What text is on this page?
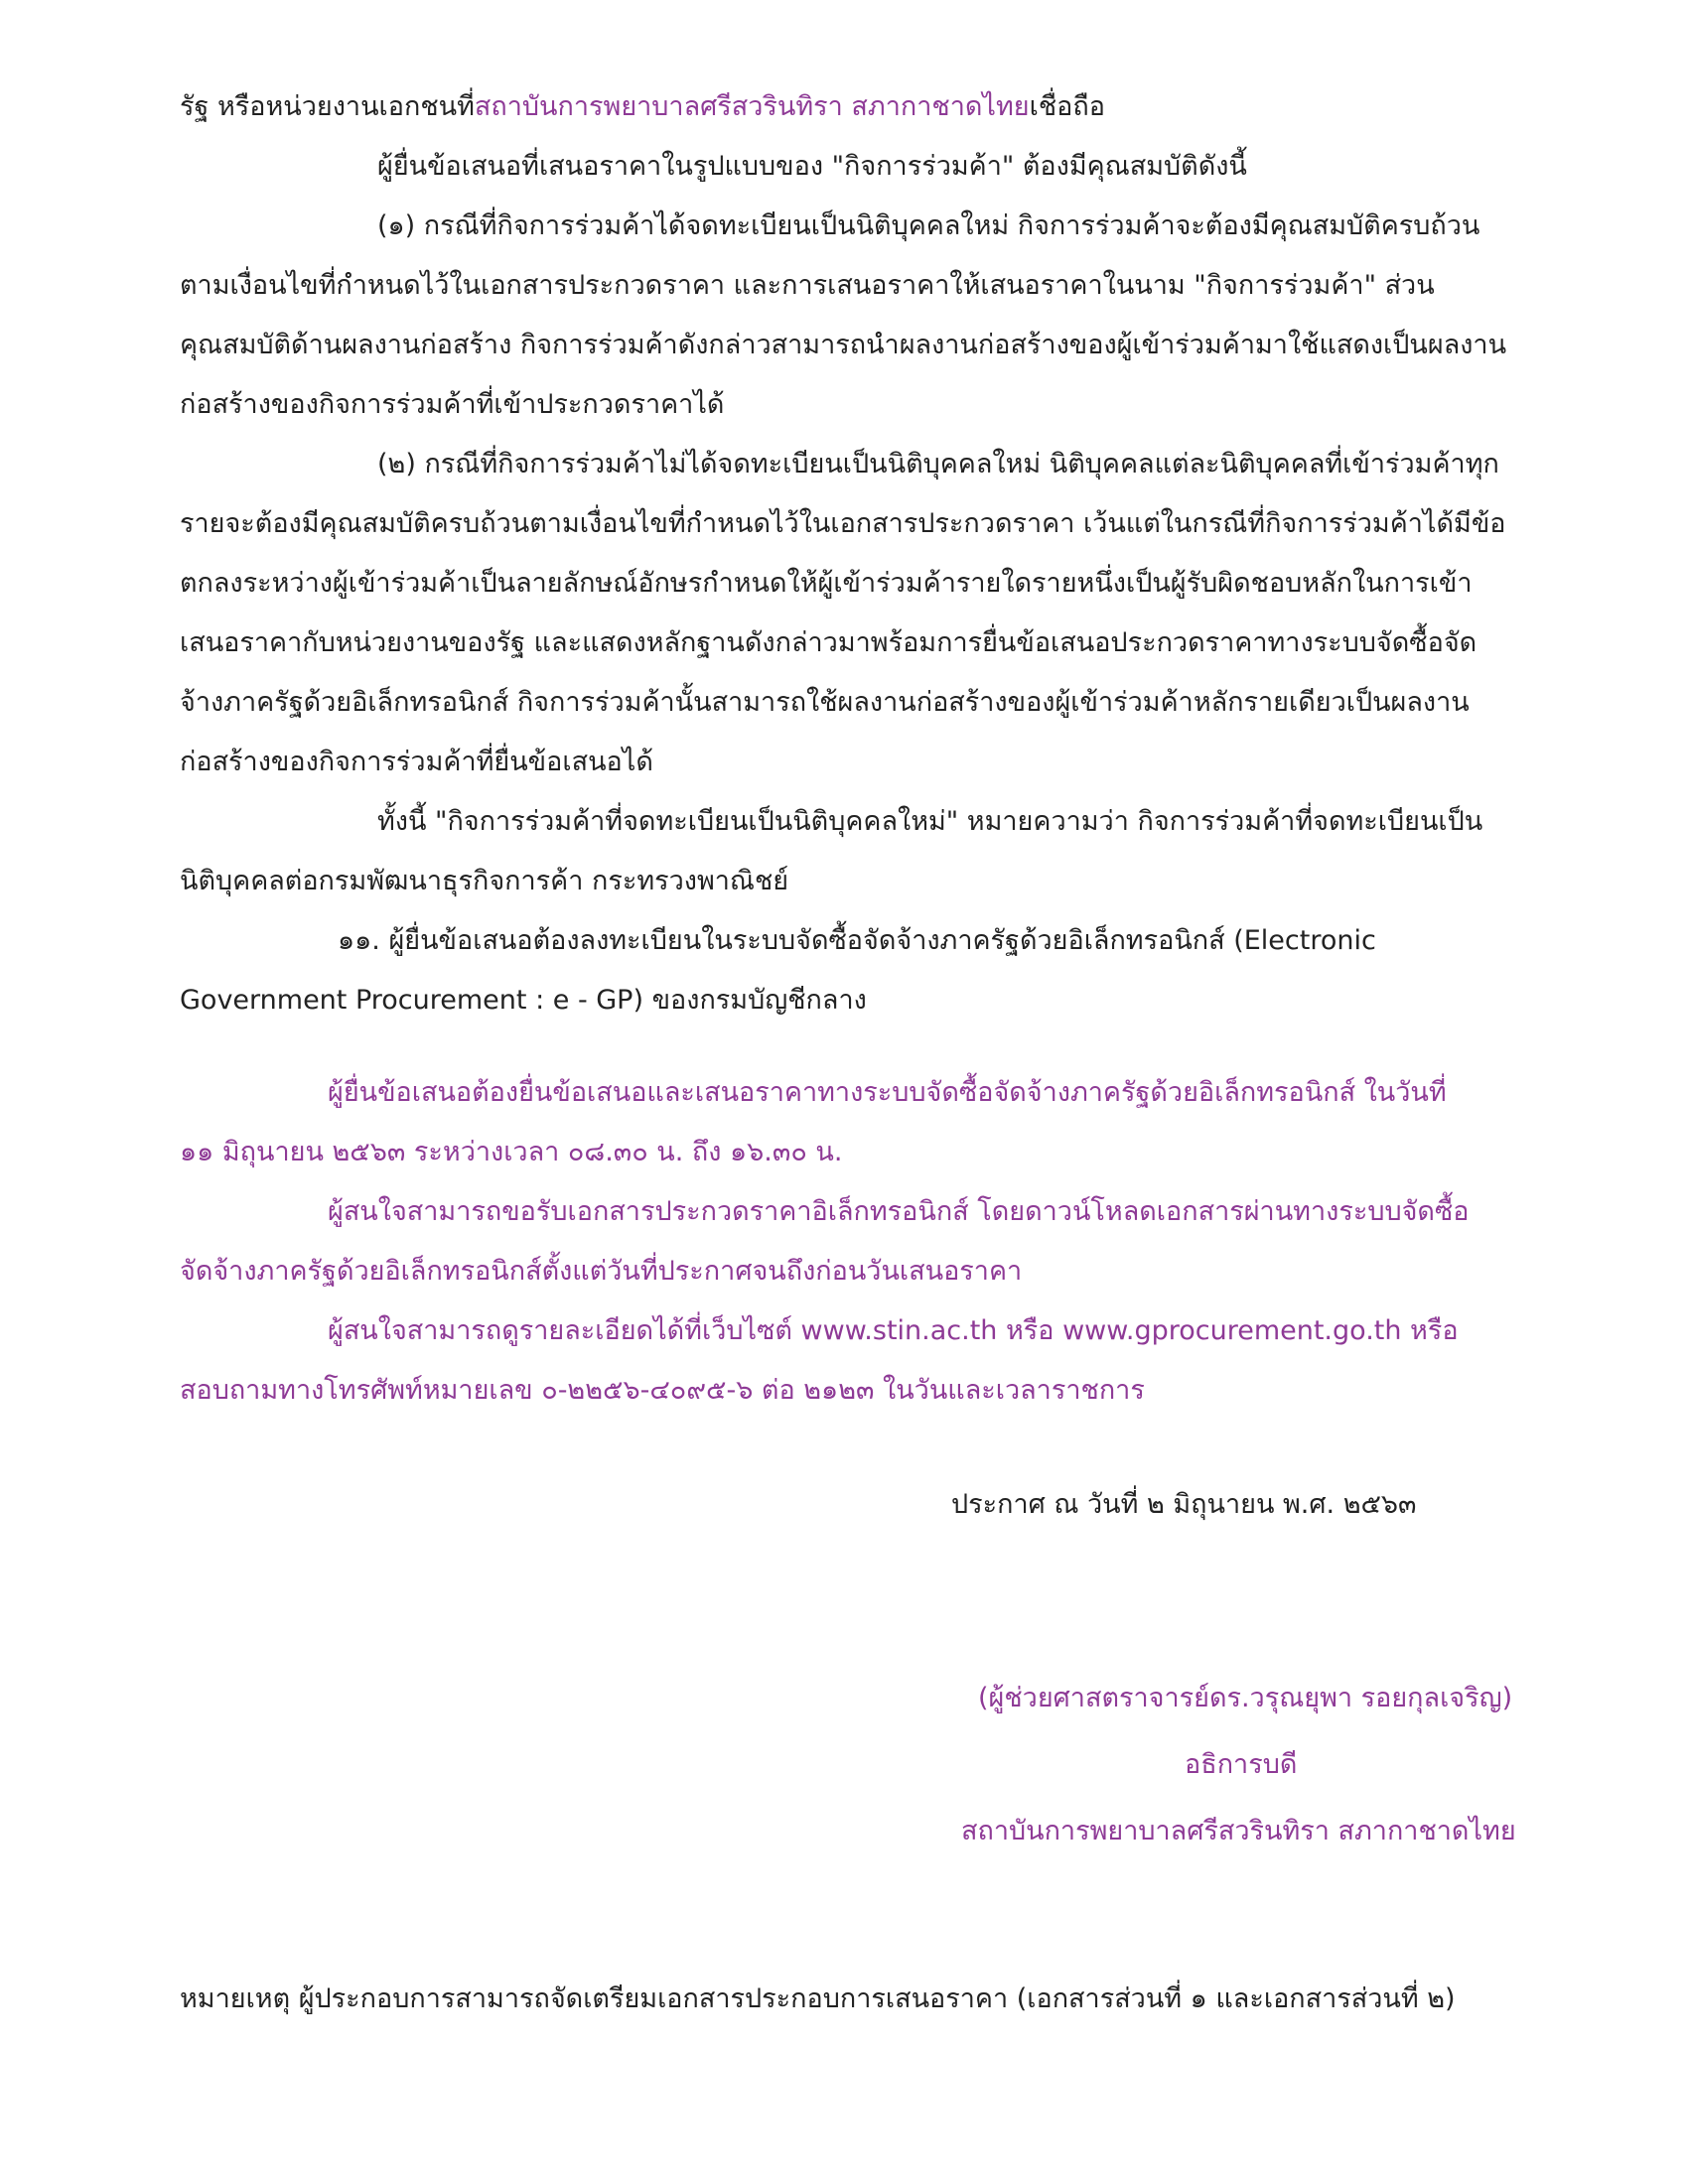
รัฐ หรือหน่วยงานเอกชนที่สถาบันการพยาบาลศรีสวรินทิรา สภากาชาดไทยเชื่อถือ
ผู้ยื่นข้อเสนอที่เสนอราคาในรูปแบบของ "กิจการร่วมค้า" ต้องมีคุณสมบัติดังนี้
(๑) กรณีที่กิจการร่วมค้าได้จดทะเบียนเป็นนิติบุคคลใหม่ กิจการร่วมค้าจะต้องมีคุณสมบัติครบถ้วน
ตามเงื่อนไขที่กำหนดไว้ในเอกสารประกวดราคา และการเสนอราคาให้เสนอราคาในนาม "กิจการร่วมค้า" ส่วน
คุณสมบัติด้านผลงานก่อสร้าง กิจการร่วมค้าดังกล่าวสามารถนำผลงานก่อสร้างของผู้เข้าร่วมค้ามาใช้แสดงเป็นผลงาน
ก่อสร้างของกิจการร่วมค้าที่เข้าประกวดราคาได้
(๒) กรณีที่กิจการร่วมค้าไม่ได้จดทะเบียนเป็นนิติบุคคลใหม่ นิติบุคคลแต่ละนิติบุคคลที่เข้าร่วมค้าทุก
รายจะต้องมีคุณสมบัติครบถ้วนตามเงื่อนไขที่กำหนดไว้ในเอกสารประกวดราคา เว้นแต่ในกรณีที่กิจการร่วมค้าได้มีข้อ
ตกลงระหว่างผู้เข้าร่วมค้าเป็นลายลักษณ์อักษรกำหนดให้ผู้เข้าร่วมค้ารายใดรายหนึ่งเป็นผู้รับผิดชอบหลักในการเข้า
เสนอราคากับหน่วยงานของรัฐ และแสดงหลักฐานดังกล่าวมาพร้อมการยื่นข้อเสนอประกวดราคาทางระบบจัดซื้อจัด
จ้างภาครัฐด้วยอิเล็กทรอนิกส์ กิจการร่วมค้านั้นสามารถใช้ผลงานก่อสร้างของผู้เข้าร่วมค้าหลักรายเดียวเป็นผลงาน
ก่อสร้างของกิจการร่วมค้าที่ยื่นข้อเสนอได้
ทั้งนี้ "กิจการร่วมค้าที่จดทะเบียนเป็นนิติบุคคลใหม่" หมายความว่า กิจการร่วมค้าที่จดทะเบียนเป็น
นิติบุคคลต่อกรมพัฒนาธุรกิจการค้า กระทรวงพาณิชย์
๑๑. ผู้ยื่นข้อเสนอต้องลงทะเบียนในระบบจัดซื้อจัดจ้างภาครัฐด้วยอิเล็กทรอนิกส์ (Electronic
Government Procurement : e - GP) ของกรมบัญชีกลาง
ผู้ยื่นข้อเสนอต้องยื่นข้อเสนอและเสนอราคาทางระบบจัดซื้อจัดจ้างภาครัฐด้วยอิเล็กทรอนิกส์ ในวันที่
๑๑ มิถุนายน ๒๕๖๓ ระหว่างเวลา ๐๘.๓๐ น. ถึง ๑๖.๓๐ น.
ผู้สนใจสามารถขอรับเอกสารประกวดราคาอิเล็กทรอนิกส์ โดยดาวน์โหลดเอกสารผ่านทางระบบจัดซื้อ
จัดจ้างภาครัฐด้วยอิเล็กทรอนิกส์ตั้งแต่วันที่ประกาศจนถึงก่อนวันเสนอราคา
ผู้สนใจสามารถดูรายละเอียดได้ที่เว็บไซต์ www.stin.ac.th หรือ www.gprocurement.go.th หรือ
สอบถามทางโทรศัพท์หมายเลข ๐-๒๒๕๖-๔๐๙๕-๖ ต่อ ๒๑๒๓ ในวันและเวลาราชการ
ประกาศ ณ วันที่ ๒ มิถุนายน พ.ศ. ๒๕๖๓
(ผู้ช่วยศาสตราจารย์ดร.วรุณยุพา รอยกุลเจริญ)
อธิการบดี
สถาบันการพยาบาลศรีสวรินทิรา สภากาชาดไทย
หมายเหตุ ผู้ประกอบการสามารถจัดเตรียมเอกสารประกอบการเสนอราคา (เอกสารส่วนที่ ๑ และเอกสารส่วนที่ ๒)
